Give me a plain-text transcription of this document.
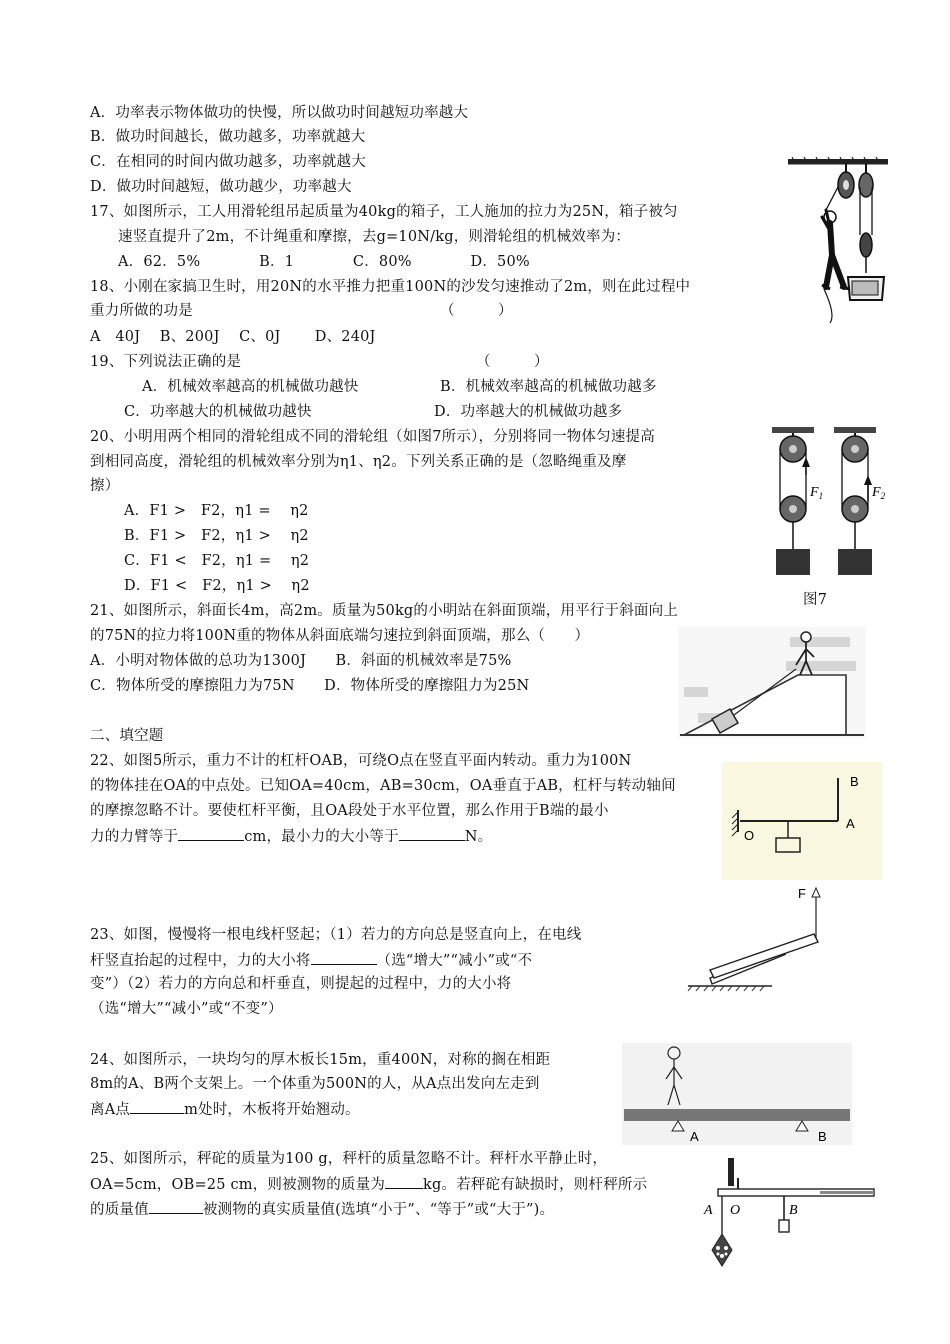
A．功率表示物体做功的快慢，所以做功时间越短功率越大
B．做功时间越长，做功越多，功率就越大
C．在相同的时间内做功越多，功率就越大
D．做功时间越短，做功越少，功率越大
17、如图所示，工人用滑轮组吊起质量为40kg的箱子，工人施加的拉力为25N，箱子被匀
速竖直提升了2m，不计绳重和摩擦，去g=10N/kg，则滑轮组的机械效率为：
A．62．5%　　　　B．1　　　　C．80%　　　　D．50%
18、小刚在家搞卫生时，用20N的水平推力把重100N的沙发匀速推动了2m，则在此过程中
重力所做的功是	（　　　）
A　40J　 B、200J　 C、0J　　 D、240J
19、下列说法正确的是	（　　　）
A．机械效率越高的机械做功越快	B．机械效率越高的机械做功越多
C．功率越大的机械做功越快	D．功率越大的机械做功越多
20、小明用两个相同的滑轮组成不同的滑轮组（如图7所示），分别将同一物体匀速提高
到相同高度，滑轮组的机械效率分别为η1、η2。下列关系正确的是（忽略绳重及摩
擦）
A．F1 >　F2，η1 =　 η2
B．F1 >　F2，η1 >　 η2
C．F1 <　F2，η1 =　 η2
D．F1 <　F2，η1 >　 η2
21、如图所示，斜面长4m，高2m。质量为50kg的小明站在斜面顶端，用平行于斜面向上
的75N的拉力将100N重的物体从斜面底端匀速拉到斜面顶端，那么（　　）
A．小明对物体做的总功为1300J　　B．斜面的机械效率是75%
C．物体所受的摩擦阻力为75N　　D．物体所受的摩擦阻力为25N
二、填空题
22、如图5所示，重力不计的杠杆OAB，可绕O点在竖直平面内转动。重力为100N
的物体挂在OA的中点处。已知OA=40cm，AB=30cm，OA垂直于AB，杠杆与转动轴间
的摩擦忽略不计。要使杠杆平衡，且OA段处于水平位置，那么作用于B端的最小
力的力臂等于	cm，最小力的大小等于	N。
23、如图，慢慢将一根电线杆竖起；（1）若力的方向总是竖直向上，在电线
杆竖直抬起的过程中，力的大小将	（选“增大”“减小”或“不
变”）（2）若力的方向总和杆垂直，则提起的过程中，力的大小将
（选“增大”“减小”或“不变”）
24、如图所示，一块均匀的厚木板长15m，重400N，对称的搁在相距
8m的A、B两个支架上。一个体重为500N的人，从A点出发向左走到
离A点	m处时，木板将开始翘动。
25、如图所示，秤砣的质量为100 g，秤杆的质量忽略不计。秤杆水平静止时，
OA=5cm，OB=25 cm，则被测物的质量为	kg。若秤砣有缺损时，则杆秤所示
的质量值	被测物的真实质量值(选填“小于”、“等于”或“大于”)。
$F_1$	$F_2$
图7
B
O
A
F
A	B
A O	B
